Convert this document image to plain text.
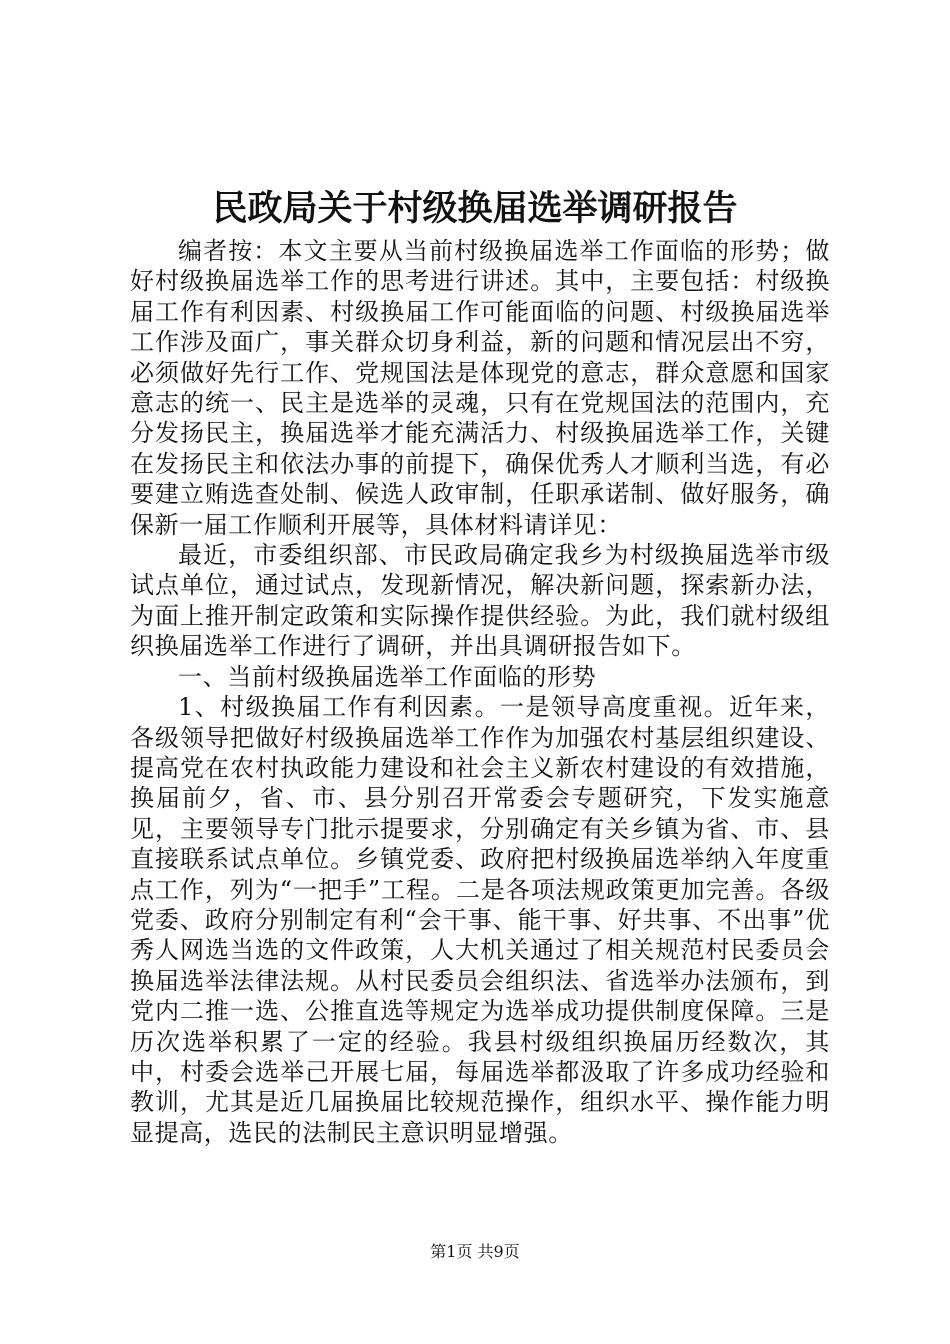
民政局关于村级换届选举调研报告

编者按：本文主要从当前村级换届选举工作面临的形势；做好村级换届选举工作的思考进行讲述。其中，主要包括：村级换届工作有利因素、村级换届工作可能面临的问题、村级换届选举工作涉及面广，事关群众切身利益，新的问题和情况层出不穷，必须做好先行工作、党规国法是体现党的意志，群众意愿和国家意志的统一、民主是选举的灵魂，只有在党规国法的范围内，充分发扬民主，换届选举才能充满活力、村级换届选举工作，关键在发扬民主和依法办事的前提下，确保优秀人才顺利当选，有必要建立贿选查处制、候选人政审制，任职承诺制、做好服务，确保新一届工作顺利开展等，具体材料请详见：

最近，市委组织部、市民政局确定我乡为村级换届选举市级试点单位，通过试点，发现新情况，解决新问题，探索新办法，为面上推开制定政策和实际操作提供经验。为此，我们就村级组织换届选举工作进行了调研，并出具调研报告如下。

一、当前村级换届选举工作面临的形势

1、村级换届工作有利因素。一是领导高度重视。近年来，各级领导把做好村级换届选举工作作为加强农村基层组织建设、提高党在农村执政能力建设和社会主义新农村建设的有效措施，换届前夕，省、市、县分别召开常委会专题研究，下发实施意见，主要领导专门批示提要求，分别确定有关乡镇为省、市、县直接联系试点单位。乡镇党委、政府把村级换届选举纳入年度重点工作，列为“一把手”工程。二是各项法规政策更加完善。各级党委、政府分别制定有利“会干事、能干事、好共事、不出事”优秀人网选当选的文件政策，人大机关通过了相关规范村民委员会换届选举法律法规。从村民委员会组织法、省选举办法颁布，到党内二推一选、公推直选等规定为选举成功提供制度保障。三是历次选举积累了一定的经验。我县村级组织换届历经数次，其中，村委会选举己开展七届，每届选举都汲取了许多成功经验和教训，尤其是近几届换届比较规范操作，组织水平、操作能力明显提高，选民的法制民主意识明显增强。

第1页 共9页
